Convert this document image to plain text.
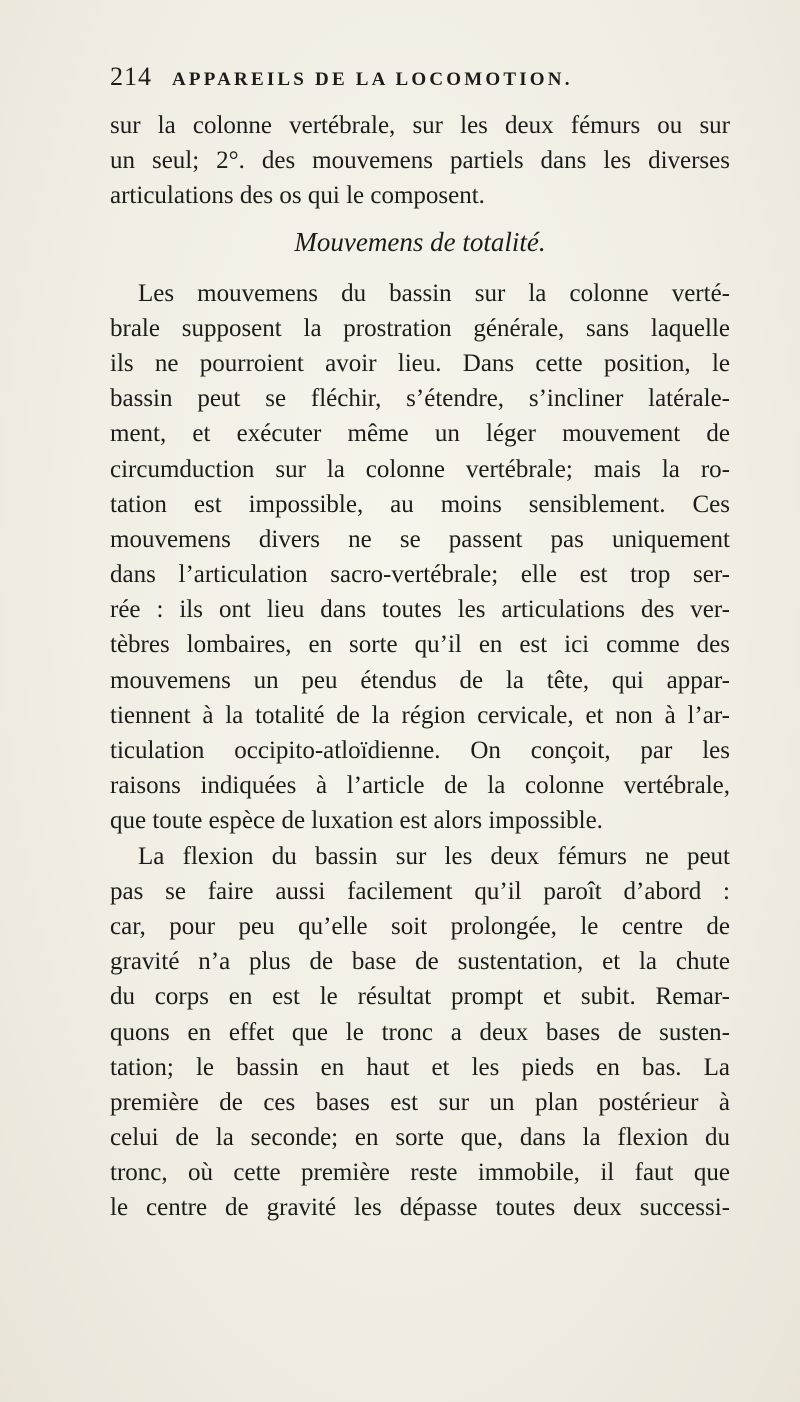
214 APPAREILS DE LA LOCOMOTION.
sur la colonne vertébrale, sur les deux fémurs ou sur
un seul; 2°. des mouvemens partiels dans les diverses
articulations des os qui le composent.
Mouvemens de totalité.
Les mouvemens du bassin sur la colonne verté-
brale supposent la prostration générale, sans laquelle
ils ne pourroient avoir lieu. Dans cette position, le
bassin peut se fléchir, s’étendre, s’incliner latérale-
ment, et exécuter même un léger mouvement de
circumduction sur la colonne vertébrale; mais la ro-
tation est impossible, au moins sensiblement. Ces
mouvemens divers ne se passent pas uniquement
dans l’articulation sacro-vertébrale; elle est trop ser-
rée : ils ont lieu dans toutes les articulations des ver-
tèbres lombaires, en sorte qu’il en est ici comme des
mouvemens un peu étendus de la tête, qui appar-
tiennent à la totalité de la région cervicale, et non à l’ar-
ticulation occipito-atloïdienne. On conçoit, par les
raisons indiquées à l’article de la colonne vertébrale,
que toute espèce de luxation est alors impossible.
La flexion du bassin sur les deux fémurs ne peut
pas se faire aussi facilement qu’il paroît d’abord :
car, pour peu qu’elle soit prolongée, le centre de
gravité n’a plus de base de sustentation, et la chute
du corps en est le résultat prompt et subit. Remar-
quons en effet que le tronc a deux bases de susten-
tation; le bassin en haut et les pieds en bas. La
première de ces bases est sur un plan postérieur à
celui de la seconde; en sorte que, dans la flexion du
tronc, où cette première reste immobile, il faut que
le centre de gravité les dépasse toutes deux successi-
